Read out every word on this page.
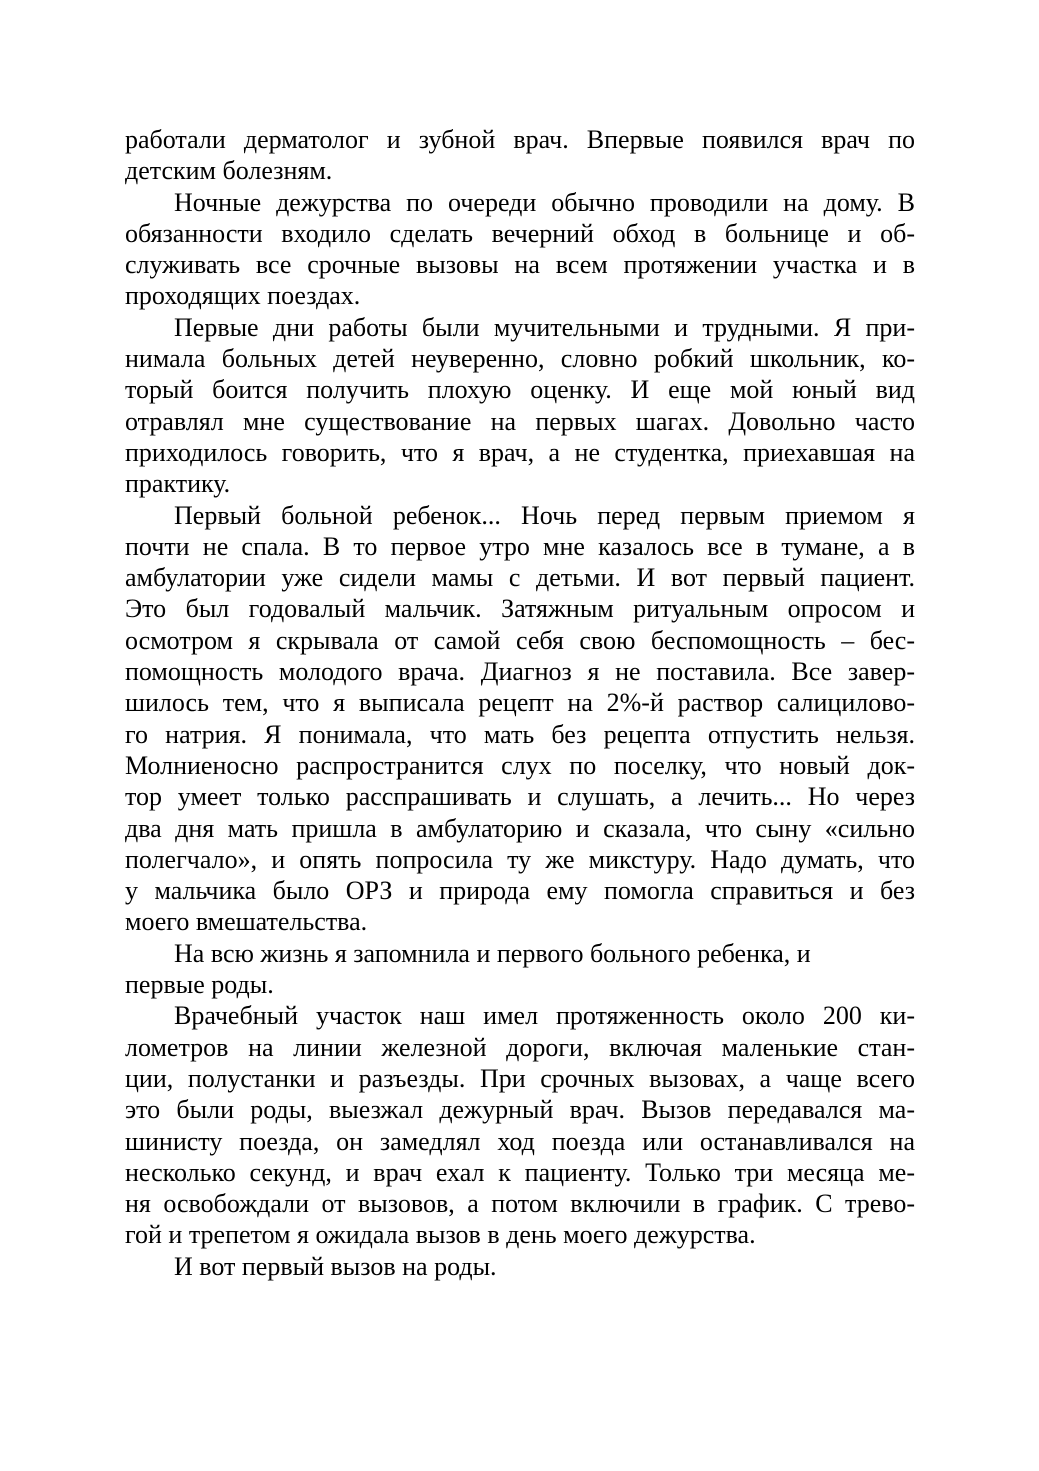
работали дерматолог и зубной врач. Впервые появился врач по
детским болезням.
Ночные дежурства по очереди обычно проводили на дому. В
обязанности входило сделать вечерний обход в больнице и об-
служивать все срочные вызовы на всем протяжении участка и в
проходящих поездах.
Первые дни работы были мучительными и трудными. Я при-
нимала больных детей неуверенно, словно робкий школьник, ко-
торый боится получить плохую оценку. И еще мой юный вид
отравлял мне существование на первых шагах. Довольно часто
приходилось говорить, что я врач, а не студентка, приехавшая на
практику.
Первый больной ребенок... Ночь перед первым приемом я
почти не спала. В то первое утро мне казалось все в тумане, а в
амбулатории уже сидели мамы с детьми. И вот первый пациент.
Это был годовалый мальчик. Затяжным ритуальным опросом и
осмотром я скрывала от самой себя свою беспомощность – бес-
помощность молодого врача. Диагноз я не поставила. Все завер-
шилось тем, что я выписала рецепт на 2%-й раствор салицилово-
го натрия. Я понимала, что мать без рецепта отпустить нельзя.
Молниеносно распространится слух по поселку, что новый док-
тор умеет только расспрашивать и слушать, а лечить... Но через
два дня мать пришла в амбулаторию и сказала, что сыну «сильно
полегчало», и опять попросила ту же микстуру. Надо думать, что
у мальчика было ОРЗ и природа ему помогла справиться и без
моего вмешательства.
На всю жизнь я запомнила и первого больного ребенка, и
первые роды.
Врачебный участок наш имел протяженность около 200 ки-
лометров на линии железной дороги, включая маленькие стан-
ции, полустанки и разъезды. При срочных вызовах, а чаще всего
это были роды, выезжал дежурный врач. Вызов передавался ма-
шинисту поезда, он замедлял ход поезда или останавливался на
несколько секунд, и врач ехал к пациенту. Только три месяца ме-
ня освобождали от вызовов, а потом включили в график. С трево-
гой и трепетом я ожидала вызов в день моего дежурства.
И вот первый вызов на роды.
